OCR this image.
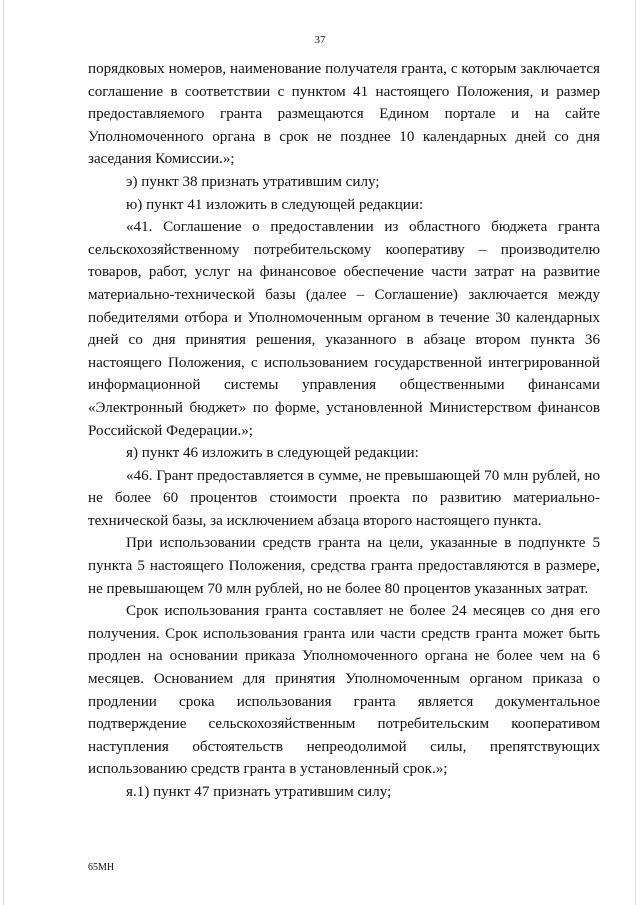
37

порядковых номеров, наименование получателя гранта, с которым заключается соглашение в соответствии с пунктом 41 настоящего Положения, и размер предоставляемого гранта размещаются Едином портале и на сайте Уполномоченного органа в срок не позднее 10 календарных дней со дня заседания Комиссии.»;

э) пункт 38 признать утратившим силу;

ю) пункт 41 изложить в следующей редакции:

«41. Соглашение о предоставлении из областного бюджета гранта сельскохозяйственному потребительскому кооперативу – производителю товаров, работ, услуг на финансовое обеспечение части затрат на развитие материально-технической базы (далее – Соглашение) заключается между победителями отбора и Уполномоченным органом в течение 30 календарных дней со дня принятия решения, указанного в абзаце втором пункта 36 настоящего Положения, с использованием государственной интегрированной информационной системы управления общественными финансами «Электронный бюджет» по форме, установленной Министерством финансов Российской Федерации.»;

я) пункт 46 изложить в следующей редакции:

«46. Грант предоставляется в сумме, не превышающей 70 млн рублей, но не более 60 процентов стоимости проекта по развитию материально-технической базы, за исключением абзаца второго настоящего пункта.

При использовании средств гранта на цели, указанные в подпункте 5 пункта 5 настоящего Положения, средства гранта предоставляются в размере, не превышающем 70 млн рублей, но не более 80 процентов указанных затрат.

Срок использования гранта составляет не более 24 месяцев со дня его получения. Срок использования гранта или части средств гранта может быть продлен на основании приказа Уполномоченного органа не более чем на 6 месяцев. Основанием для принятия Уполномоченным органом приказа о продлении срока использования гранта является документальное подтверждение сельскохозяйственным потребительским кооперативом наступления обстоятельств непреодолимой силы, препятствующих использованию средств гранта в установленный срок.»;

я.1) пункт 47 признать утратившим силу;

65МН
